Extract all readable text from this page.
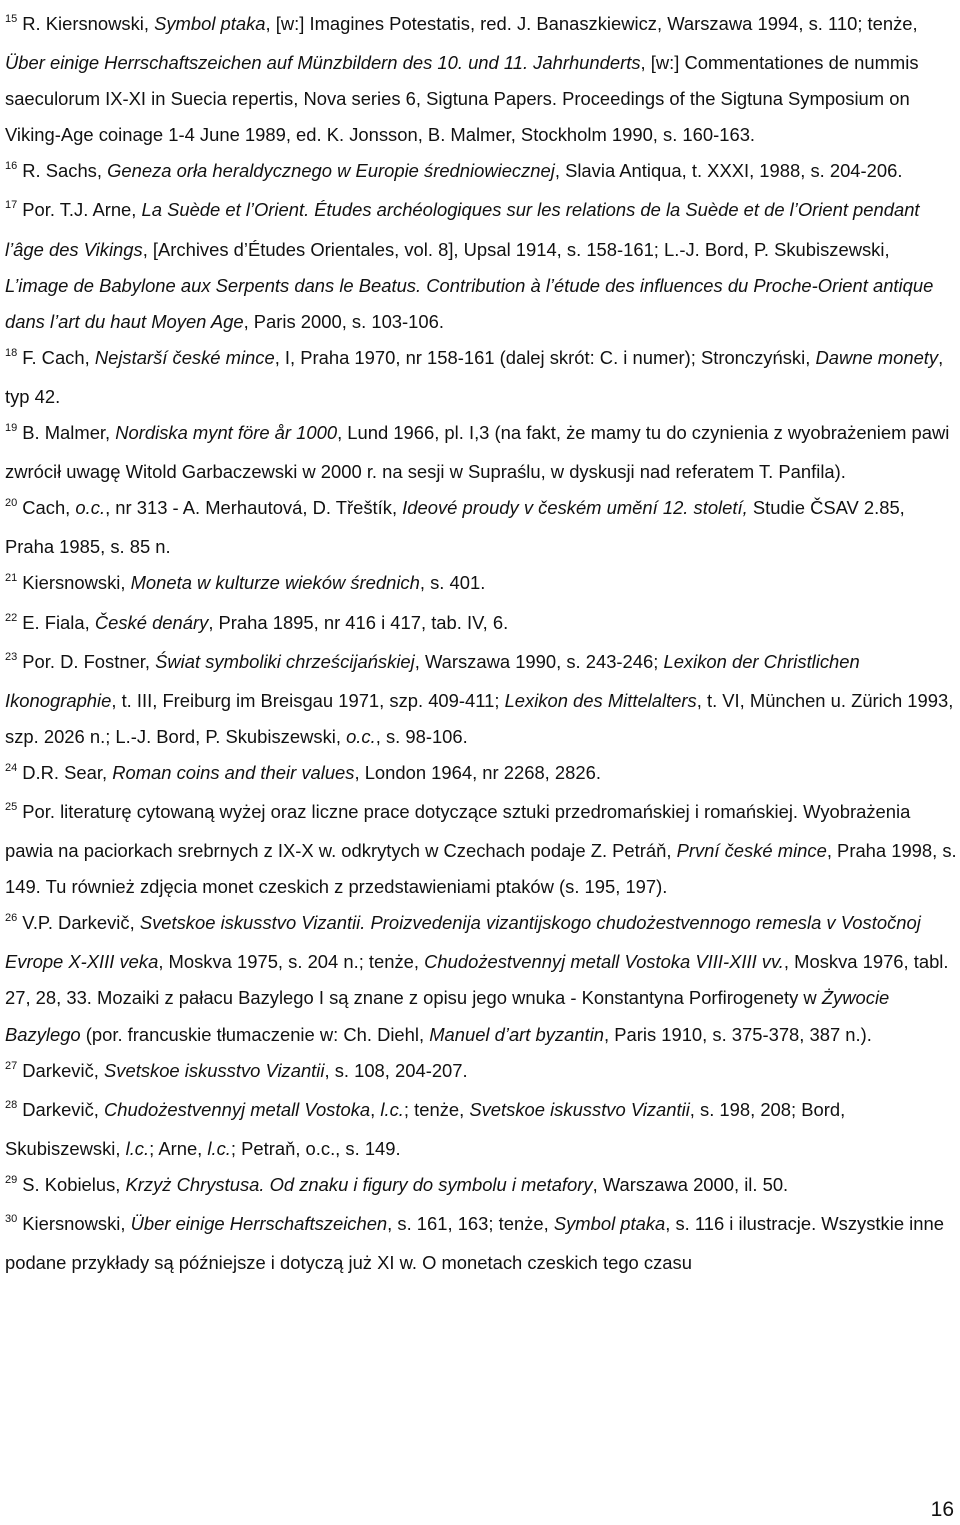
$^{15}$ R. Kiersnowski, Symbol ptaka, [w:] Imagines Potestatis, red. J. Banaszkiewicz, Warszawa 1994, s. 110; tenże, Über einige Herrschaftszeichen auf Münzbildern des 10. und 11. Jahrhunderts, [w:] Commentationes de nummis saeculorum IX-XI in Suecia repertis, Nova series 6, Sigtuna Papers. Proceedings of the Sigtuna Symposium on Viking-Age coinage 1-4 June 1989, ed. K. Jonsson, B. Malmer, Stockholm 1990, s. 160-163.

$^{16}$ R. Sachs, Geneza orła heraldycznego w Europie średniowiecznej, Slavia Antiqua, t. XXXI, 1988, s. 204-206.

$^{17}$ Por. T.J. Arne, La Suède et l’Orient. Études archéologiques sur les relations de la Suède et de l’Orient pendant l’âge des Vikings, [Archives d’Études Orientales, vol. 8], Upsal 1914, s. 158-161; L.-J. Bord, P. Skubiszewski, L’image de Babylone aux Serpents dans le Beatus. Contribution à l’étude des influences du Proche-Orient antique dans l’art du haut Moyen Age, Paris 2000, s. 103-106.

$^{18}$ F. Cach, Nejstarší české mince, I, Praha 1970, nr 158-161 (dalej skrót: C. i numer); Stronczyński, Dawne monety, typ 42.

$^{19}$ B. Malmer, Nordiska mynt före år 1000, Lund 1966, pl. I,3 (na fakt, że mamy tu do czynienia z wyobrażeniem pawi zwrócił uwagę Witold Garbaczewski w 2000 r. na sesji w Supraślu, w dyskusji nad referatem T. Panfila).

$^{20}$ Cach, o.c., nr 313 - A. Merhautová, D. Třeštík, Ideové proudy v českém umění 12. století, Studie ČSAV 2.85, Praha 1985, s. 85 n.

$^{21}$ Kiersnowski, Moneta w kulturze wieków średnich, s. 401.

$^{22}$ E. Fiala, České denáry, Praha 1895, nr 416 i 417, tab. IV, 6.

$^{23}$ Por. D. Fostner, Świat symboliki chrześcijańskiej, Warszawa 1990, s. 243-246; Lexikon der Christlichen Ikonographie, t. III, Freiburg im Breisgau 1971, szp. 409-411; Lexikon des Mittelalters, t. VI, München u. Zürich 1993, szp. 2026 n.; L.-J. Bord, P. Skubiszewski, o.c., s. 98-106.

$^{24}$ D.R. Sear, Roman coins and their values, London 1964, nr 2268, 2826.

$^{25}$ Por. literaturę cytowaną wyżej oraz liczne prace dotyczące sztuki przedromańskiej i romańskiej. Wyobrażenia pawia na paciorkach srebrnych z IX-X w. odkrytych w Czechach podaje Z. Petráň, První české mince, Praha 1998, s. 149. Tu również zdjęcia monet czeskich z przedstawieniami ptaków (s. 195, 197).

$^{26}$ V.P. Darkevič, Svetskoe iskusstvo Vizantii. Proizvedenija vizantijskogo chudożestvennogo remesla v Vostočnoj Evrope X-XIII veka, Moskva 1975, s. 204 n.; tenże, Chudożestvennyj metall Vostoka VIII-XIII vv., Moskva 1976, tabl. 27, 28, 33. Mozaiki z pałacu Bazylego I są znane z opisu jego wnuka - Konstantyna Porfirogenety w Żywocie Bazylego (por. francuskie tłumaczenie w: Ch. Diehl, Manuel d’art byzantin, Paris 1910, s. 375-378, 387 n.).

$^{27}$ Darkevič, Svetskoe iskusstvo Vizantii, s. 108, 204-207.

$^{28}$ Darkevič, Chudożestvennyj metall Vostoka, l.c.; tenże, Svetskoe iskusstvo Vizantii, s. 198, 208; Bord, Skubiszewski, l.c.; Arne, l.c.; Petraň, o.c., s. 149.

$^{29}$ S. Kobielus, Krzyż Chrystusa. Od znaku i figury do symbolu i metafory, Warszawa 2000, il. 50.

$^{30}$ Kiersnowski, Über einige Herrschaftszeichen, s. 161, 163; tenże, Symbol ptaka, s. 116 i ilustracje. Wszystkie inne podane przykłady są późniejsze i dotyczą już XI w. O monetach czeskich tego czasu

16
